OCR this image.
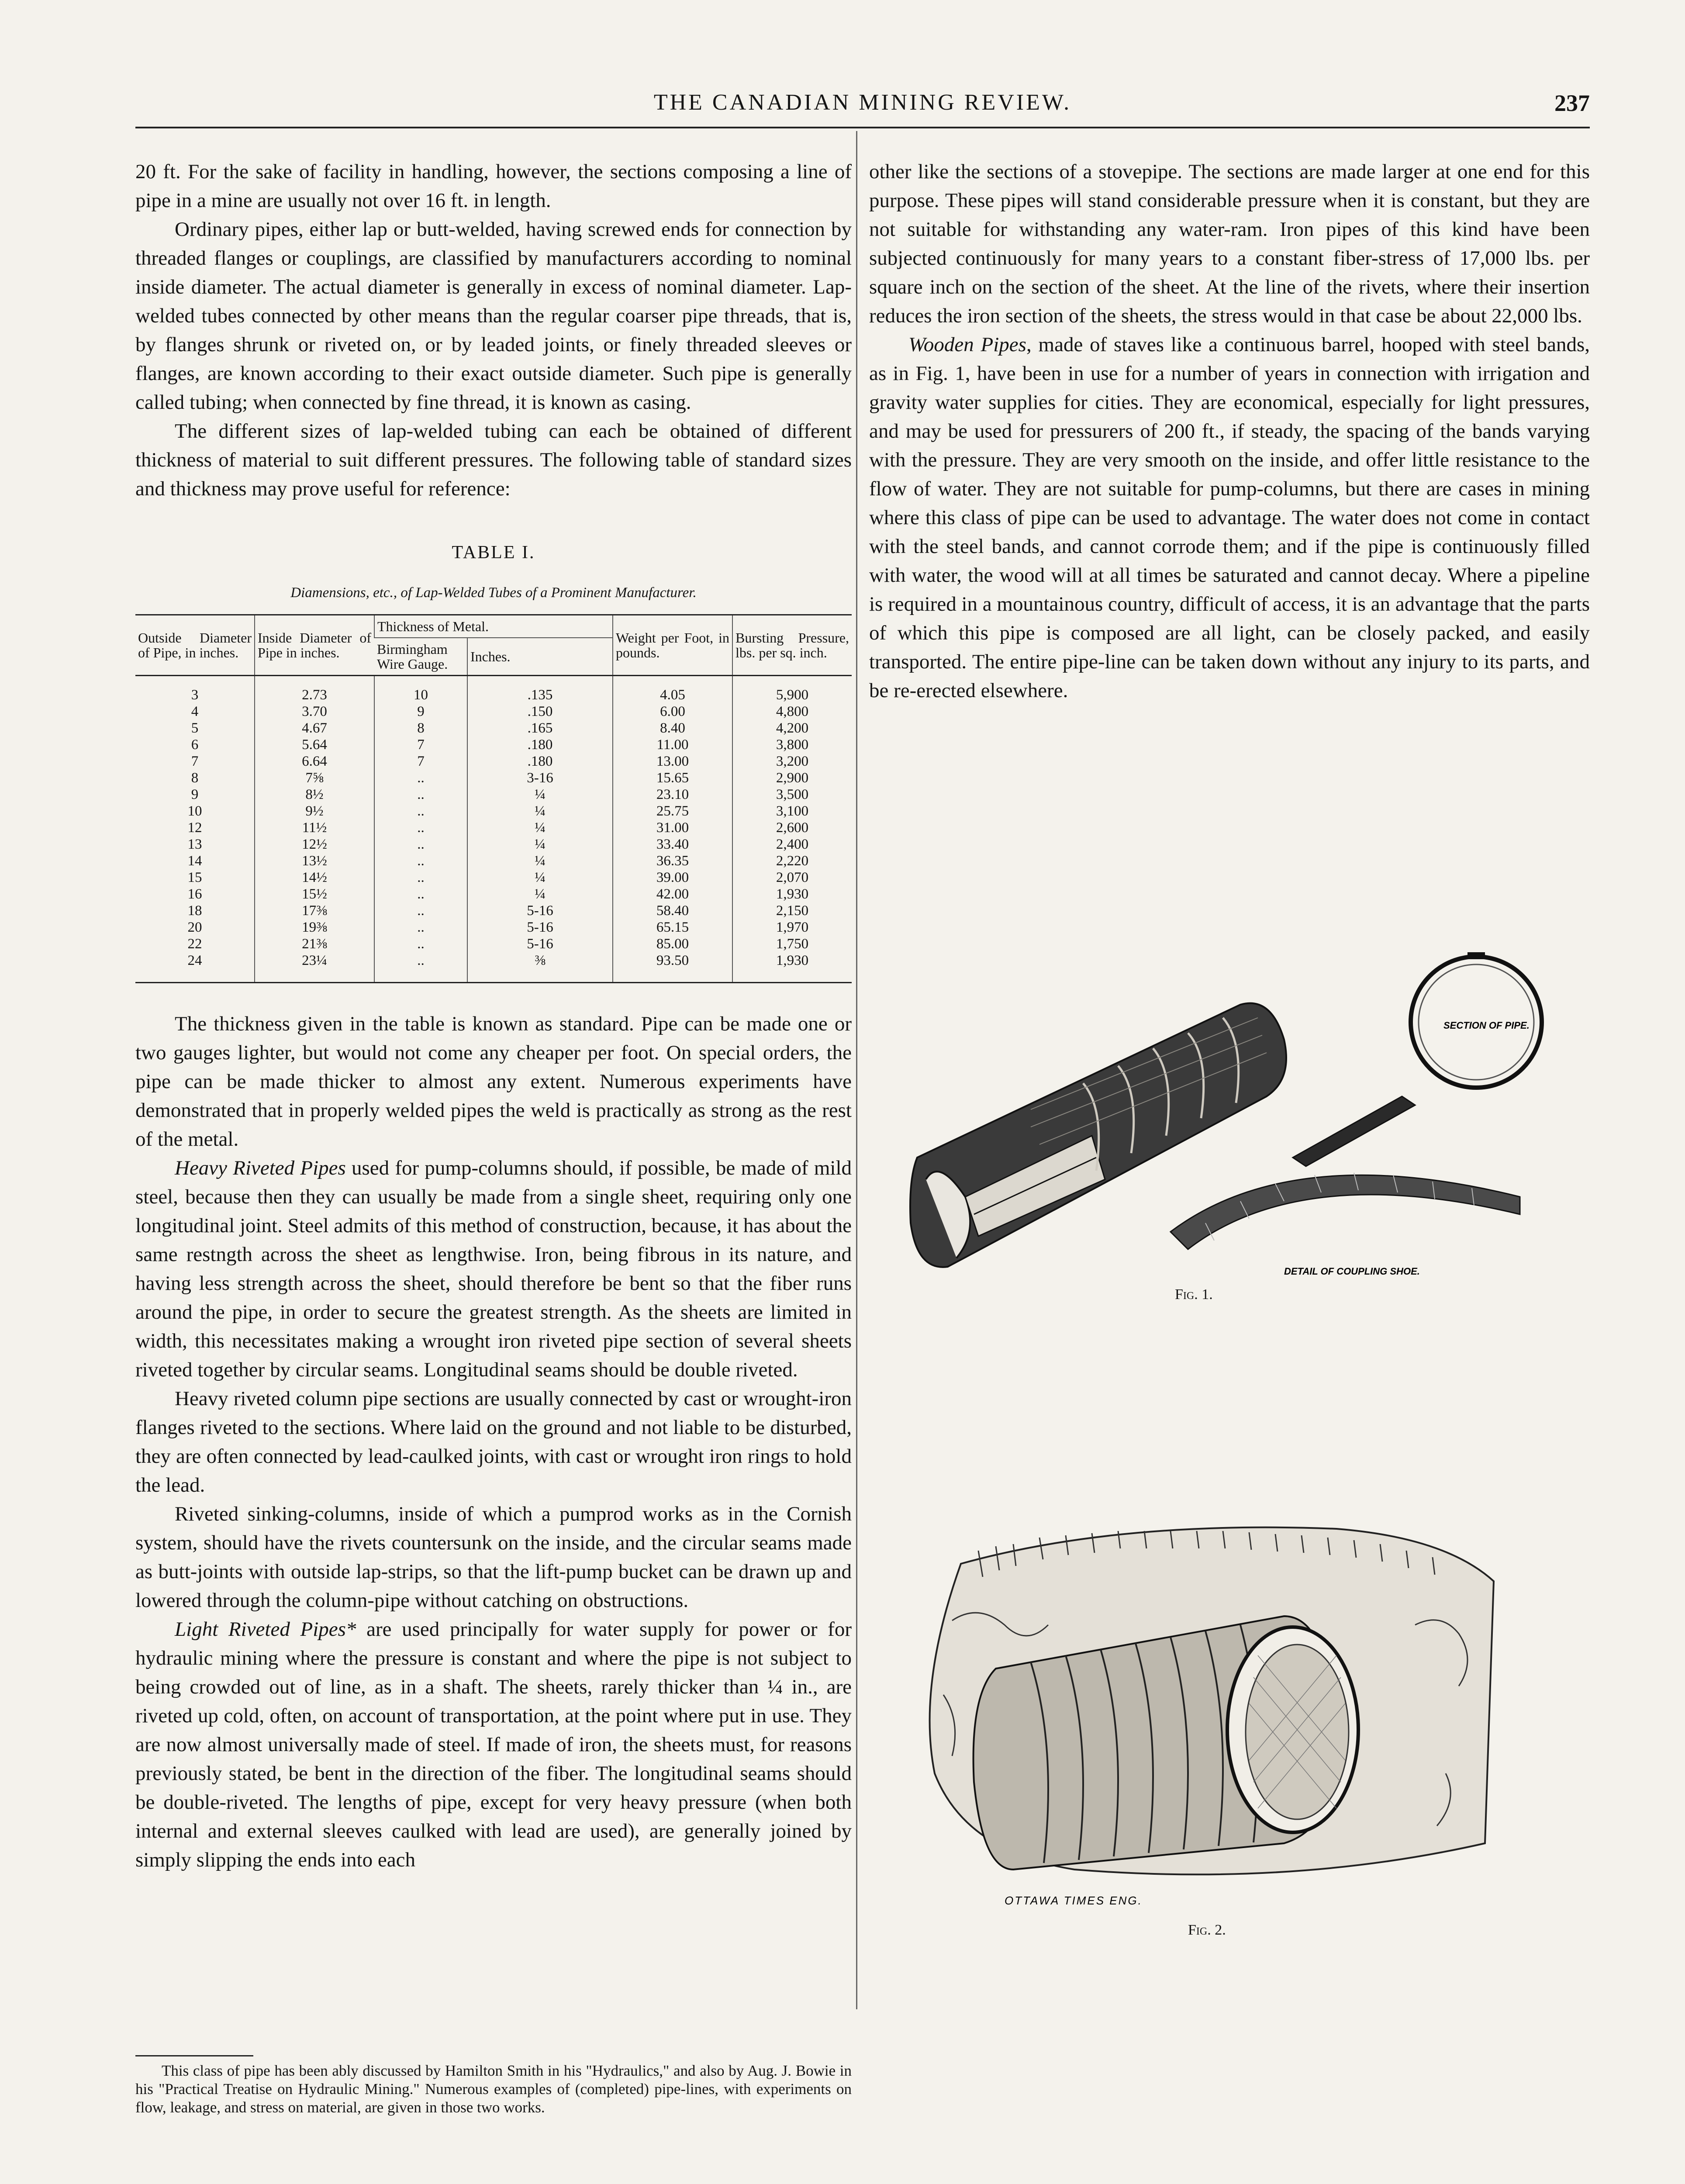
THE CANADIAN MINING REVIEW.	237

20 ft. For the sake of facility in handling, however, the sections composing a line of pipe in a mine are usually not over 16 ft. in length.

Ordinary pipes, either lap or butt-welded, having screwed ends for connection by threaded flanges or couplings, are classified by manufacturers according to nominal inside diameter. The actual diameter is generally in excess of nominal diameter. Lap-welded tubes connected by other means than the regular coarser pipe threads, that is, by flanges shrunk or riveted on, or by leaded joints, or finely threaded sleeves or flanges, are known according to their exact outside diameter. Such pipe is generally called tubing; when connected by fine thread, it is known as casing.

The different sizes of lap-welded tubing can each be obtained of different thickness of material to suit different pressures. The following table of standard sizes and thickness may prove useful for reference:

TABLE I.
Diamensions, etc., of Lap-Welded Tubes of a Prominent Manufacturer.
Outside Diameter of Pipe, in inches.	Inside Diameter of Pipe in inches.	Thickness of Metal.		Weight per Foot, in pounds.	Bursting Pressure, lbs. per sq. inch.
		Birmingham Wire Gauge.	Inches.		
3	2.73	10	.135	4.05	5,900
4	3.70	9	.150	6.00	4,800
5	4.67	8	.165	8.40	4,200
6	5.64	7	.180	11.00	3,800
7	6.64	7	.180	13.00	3,200
8	7⅝	..	3-16	15.65	2,900
9	8½	..	¼	23.10	3,500
10	9½	..	¼	25.75	3,100
12	11½	..	¼	31.00	2,600
13	12½	..	¼	33.40	2,400
14	13½	..	¼	36.35	2,220
15	14½	..	¼	39.00	2,070
16	15½	..	¼	42.00	1,930
18	17⅜	..	5-16	58.40	2,150
20	19⅜	..	5-16	65.15	1,970
22	21⅜	..	5-16	85.00	1,750
24	23¼	..	⅜	93.50	1,930

The thickness given in the table is known as standard. Pipe can be made one or two gauges lighter, but would not come any cheaper per foot. On special orders, the pipe can be made thicker to almost any extent. Numerous experiments have demonstrated that in properly welded pipes the weld is practically as strong as the rest of the metal.

Heavy Riveted Pipes used for pump-columns should, if possible, be made of mild steel, because then they can usually be made from a single sheet, requiring only one longitudinal joint. Steel admits of this method of construction, because, it has about the same restngth across the sheet as lengthwise. Iron, being fibrous in its nature, and having less strength across the sheet, should therefore be bent so that the fiber runs around the pipe, in order to secure the greatest strength. As the sheets are limited in width, this necessitates making a wrought iron riveted pipe section of several sheets riveted together by circular seams. Longitudinal seams should be double riveted.

Heavy riveted column pipe sections are usually connected by cast or wrought-iron flanges riveted to the sections. Where laid on the ground and not liable to be disturbed, they are often connected by lead-caulked joints, with cast or wrought iron rings to hold the lead.

Riveted sinking-columns, inside of which a pumprod works as in the Cornish system, should have the rivets countersunk on the inside, and the circular seams made as butt-joints with outside lap-strips, so that the lift-pump bucket can be drawn up and lowered through the column-pipe without catching on obstructions.

Light Riveted Pipes* are used principally for water supply for power or for hydraulic mining where the pressure is constant and where the pipe is not subject to being crowded out of line, as in a shaft. The sheets, rarely thicker than ¼ in., are riveted up cold, often, on account of transportation, at the point where put in use. They are now almost universally made of steel. If made of iron, the sheets must, for reasons previously stated, be bent in the direction of the fiber. The longitudinal seams should be double-riveted. The lengths of pipe, except for very heavy pressure (when both internal and external sleeves caulked with lead are used), are generally joined by simply slipping the ends into each

other like the sections of a stovepipe. The sections are made larger at one end for this purpose. These pipes will stand considerable pressure when it is constant, but they are not suitable for withstanding any water-ram. Iron pipes of this kind have been subjected continuously for many years to a constant fiber-stress of 17,000 lbs. per square inch on the section of the sheet. At the line of the rivets, where their insertion reduces the iron section of the sheets, the stress would in that case be about 22,000 lbs.

Wooden Pipes, made of staves like a continuous barrel, hooped with steel bands, as in Fig. 1, have been in use for a number of years in connection with irrigation and gravity water supplies for cities. They are economical, especially for light pressures, and may be used for pressurers of 200 ft., if steady, the spacing of the bands varying with the pressure. They are very smooth on the inside, and offer little resistance to the flow of water. They are not suitable for pump-columns, but there are cases in mining where this class of pipe can be used to advantage. The water does not come in contact with the steel bands, and cannot corrode them; and if the pipe is continuously filled with water, the wood will at all times be saturated and cannot decay. Where a pipeline is required in a mountainous country, difficult of access, it is an advantage that the parts of which this pipe is composed are all light, can be closely packed, and easily transported. The entire pipe-line can be taken down without any injury to its parts, and be re-erected elsewhere.

SECTION OF PIPE.
DETAIL OF COUPLING SHOE.
Fig. 1.
OTTAWA TIMES ENG.
Fig. 2.
This class of pipe has been ably discussed by Hamilton Smith in his "Hydraulics," and also by Aug. J. Bowie in his "Practical Treatise on Hydraulic Mining." Numerous examples of (completed) pipe-lines, with experiments on flow, leakage, and stress on material, are given in those two works.
